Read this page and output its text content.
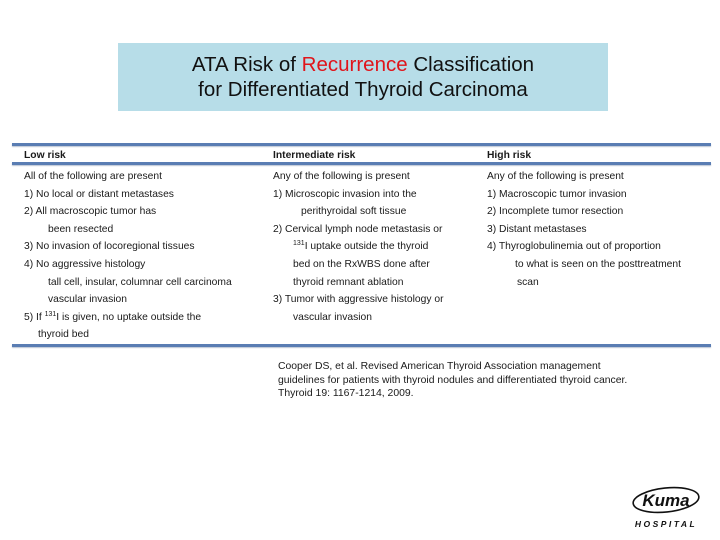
ATA Risk of Recurrence Classification
for Differentiated Thyroid Carcinoma
Low risk
All of the following are present
1) No local or distant metastases
2) All macroscopic tumor has
been resected
3) No invasion of locoregional tissues
4) No aggressive histology
tall cell, insular, columnar cell carcinoma
vascular invasion
5) If $^{131}$I is given, no uptake outside the
thyroid bed
Intermediate risk
Any of the following is present
1) Microscopic invasion into the
perithyroidal soft tissue
2) Cervical lymph node metastasis or
$^{131}$I uptake outside the thyroid
bed on the RxWBS done after
thyroid remnant ablation
3) Tumor with aggressive histology or
vascular invasion
High risk
Any of the following is present
1) Macroscopic tumor invasion
2) Incomplete tumor resection
3) Distant metastases
4) Thyroglobulinemia out of proportion
to what is seen on the posttreatment
scan
Cooper DS, et al. Revised American Thyroid Association management
guidelines for patients with thyroid nodules and differentiated thyroid cancer.
Thyroid 19: 1167-1214, 2009.
Kuma
HOSPITAL
